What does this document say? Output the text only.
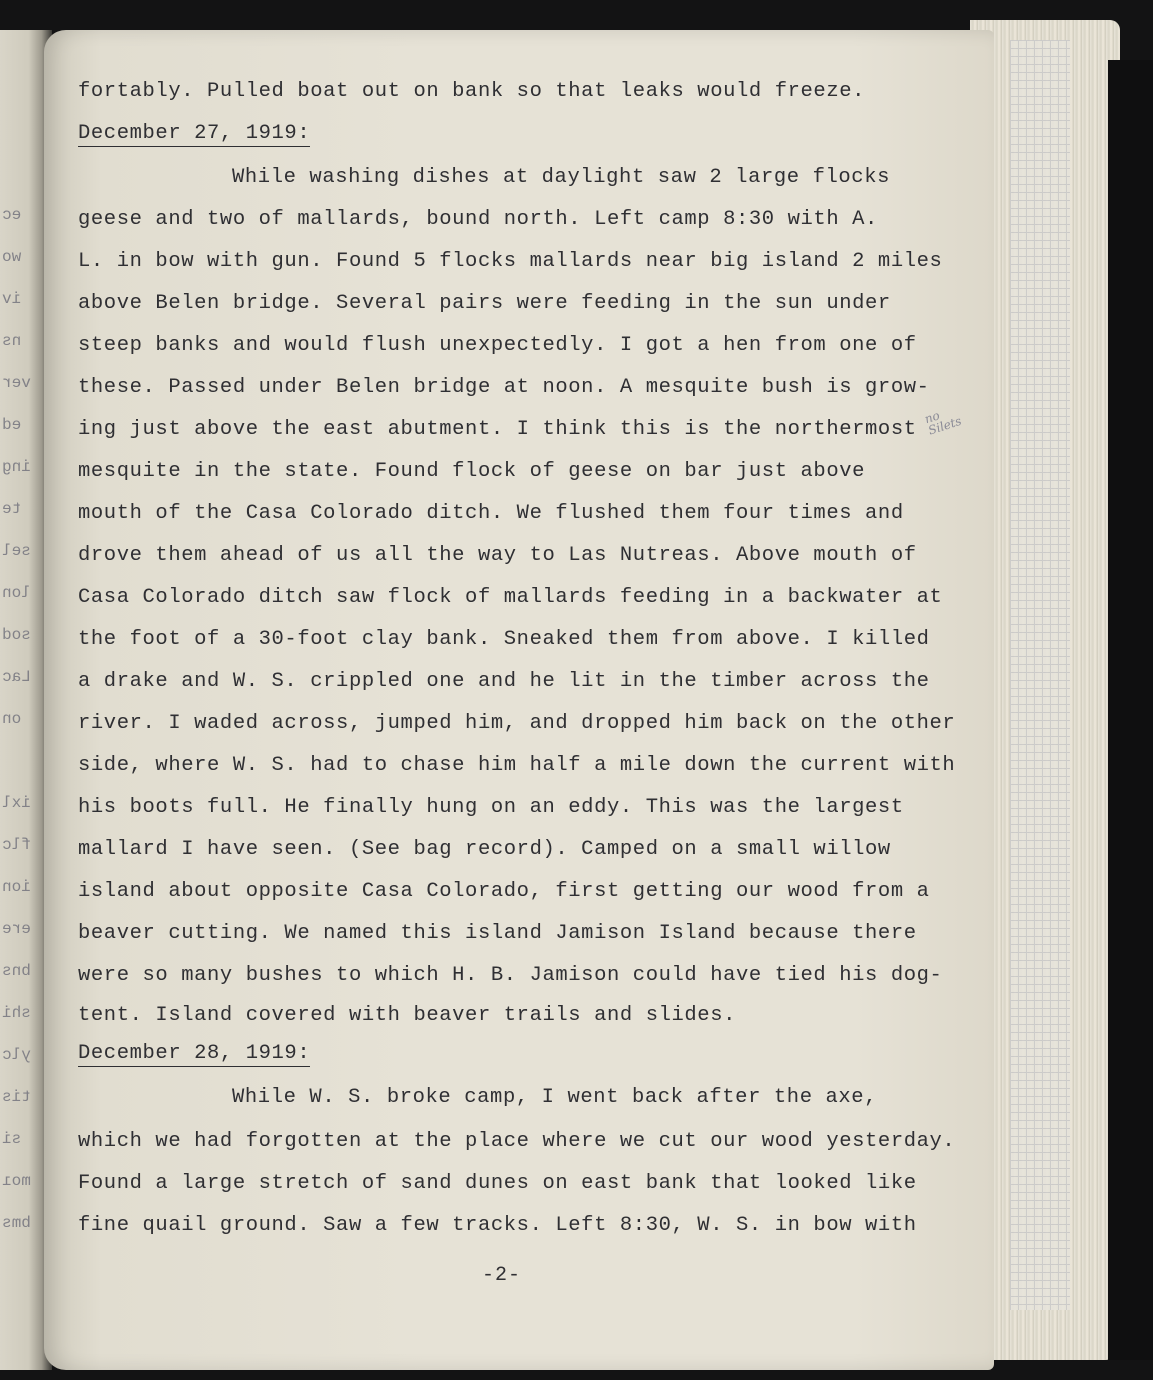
ec
wo
iv
ns
ver
ed
ing
te
sel
lon
sod
Lac
on
ixl
flc
ion
ere
bns
shi
ylc
tis
si
moı
bms
fortably. Pulled boat out on bank so that leaks would freeze.
December 27, 1919:
While washing dishes at daylight saw 2 large flocks
geese and two of mallards, bound north. Left camp 8:30 with A.
L. in bow with gun. Found 5 flocks mallards near big island 2 miles
above Belen bridge. Several pairs were feeding in the sun under
steep banks and would flush unexpectedly. I got a hen from one of
these. Passed under Belen bridge at noon. A mesquite bush is grow-
ing just above the east abutment. I think this is the northermost
mesquite in the state. Found flock of geese on bar just above
mouth of the Casa Colorado ditch. We flushed them four times and
drove them ahead of us all the way to Las Nutreas. Above mouth of
Casa Colorado ditch saw flock of mallards feeding in a backwater at
the foot of a 30-foot clay bank. Sneaked them from above. I killed
a drake and W. S. crippled one and he lit in the timber across the
river. I waded across, jumped him, and dropped him back on the other
side, where W. S. had to chase him half a mile down the current with
his boots full. He finally hung on an eddy. This was the largest
mallard I have seen. (See bag record). Camped on a small willow
island about opposite Casa Colorado, first getting our wood from a
beaver cutting. We named this island Jamison Island because there
were so many bushes to which H. B. Jamison could have tied his dog-
tent. Island covered with beaver trails and slides.
December 28, 1919:
While W. S. broke camp, I went back after the axe,
which we had forgotten at the place where we cut our wood yesterday.
Found a large stretch of sand dunes on east bank that looked like
fine quail ground. Saw a few tracks. Left 8:30, W. S. in bow with
no
Silets
-2-
